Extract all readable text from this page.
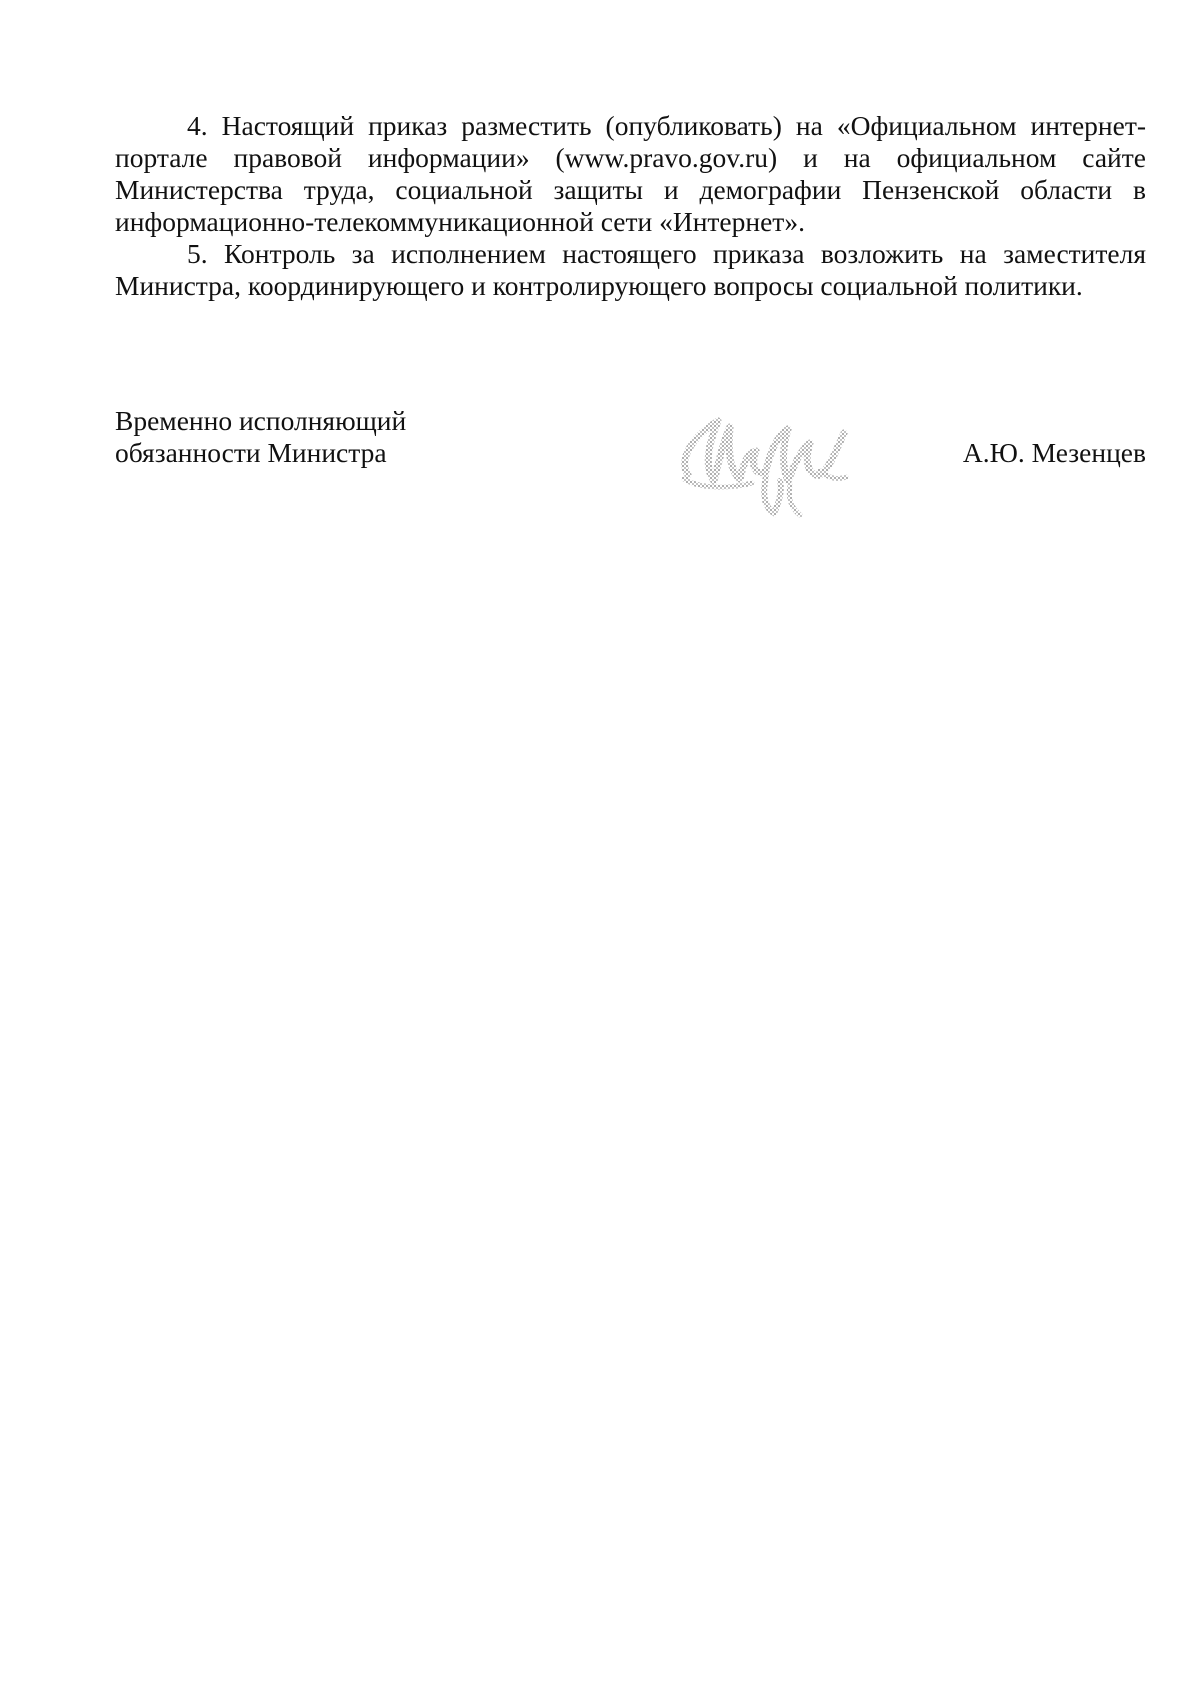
4. Настоящий приказ разместить (опубликовать) на «Официальном интернет-портале правовой информации» (www.pravo.gov.ru) и на официальном сайте Министерства труда, социальной защиты и демографии Пензенской области в информационно-телекоммуникационной сети «Интернет».

5. Контроль за исполнением настоящего приказа возложить на заместителя Министра, координирующего и контролирующего вопросы социальной политики.

Временно исполняющий
обязанности Министра	А.Ю. Мезенцев
